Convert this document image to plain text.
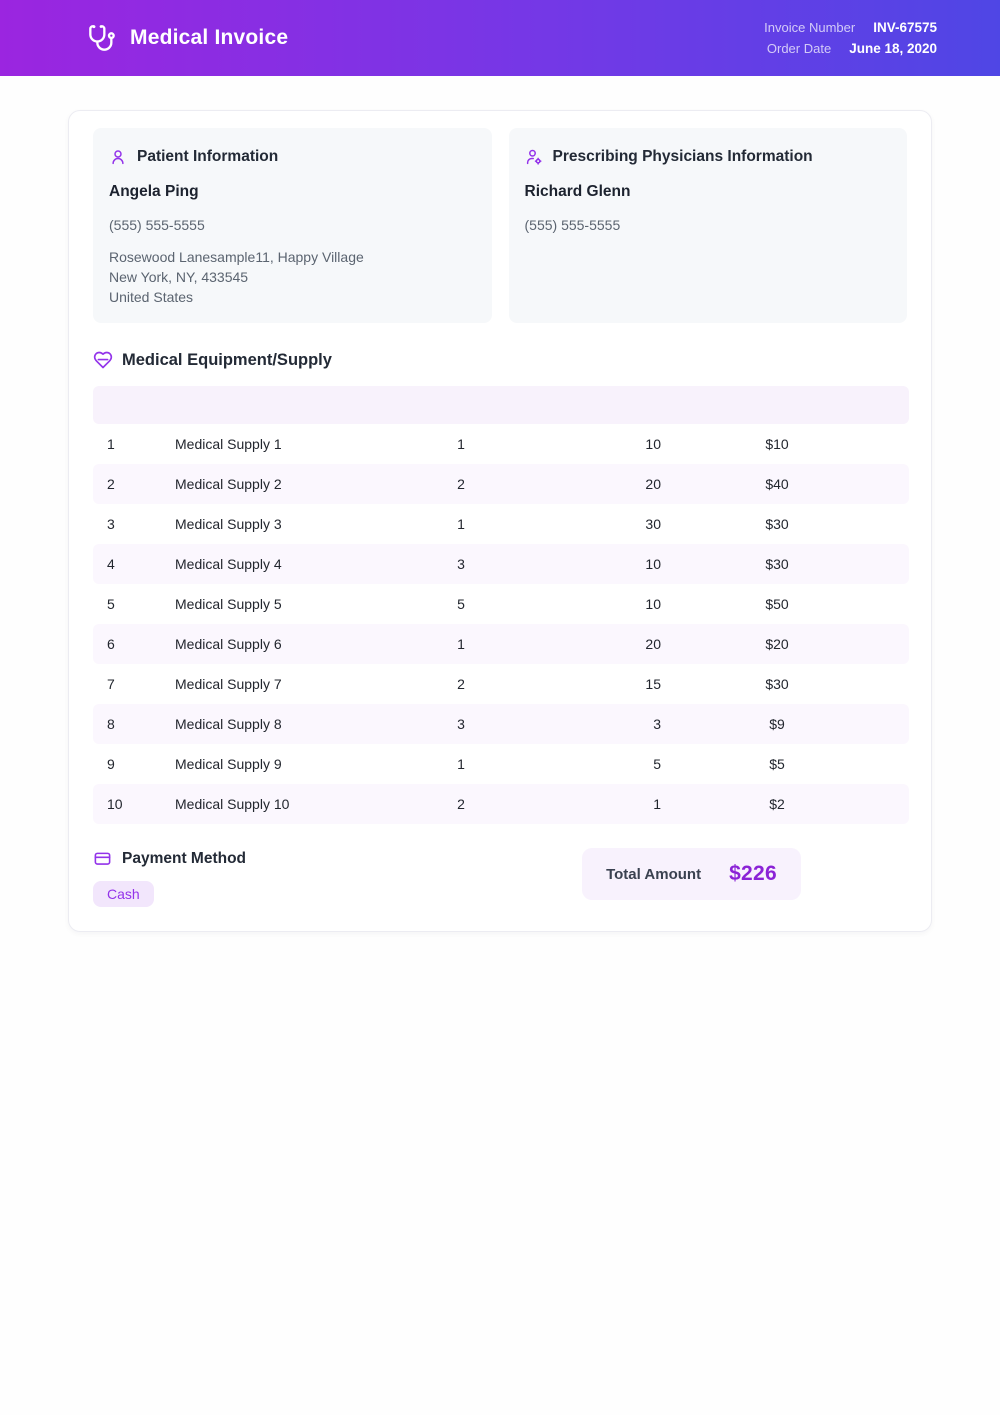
Medical Invoice	Invoice Number INV-67575
Order Date June 18, 2020
Patient Information
Angela Ping
(555) 555-5555
Rosewood Lanesample11, Happy Village
New York, NY, 433545
United States
Prescribing Physicians Information
Richard Glenn
(555) 555-5555
Medical Equipment/Supply

1	Medical Supply 1	1	10	$10
2	Medical Supply 2	2	20	$40
3	Medical Supply 3	1	30	$30
4	Medical Supply 4	3	10	$30
5	Medical Supply 5	5	10	$50
6	Medical Supply 6	1	20	$20
7	Medical Supply 7	2	15	$30
8	Medical Supply 8	3	3	$9
9	Medical Supply 9	1	5	$5
10	Medical Supply 10	2	1	$2
Payment Method
Cash
Total Amount $226
